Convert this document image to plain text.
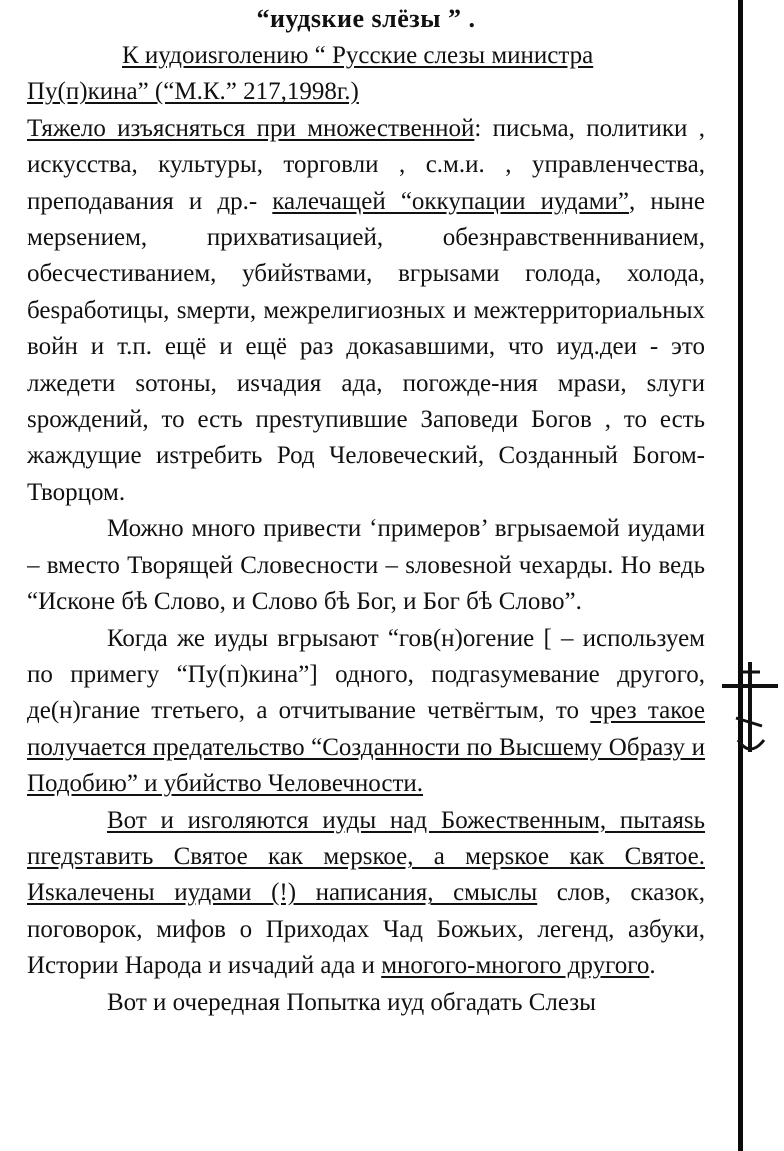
“иудsкие sлёзы ” .

К иудоиsголению “ Русские слезы министра

Пу(п)кина” (“М.К.” 217,1998г.)

Тяжело изъясняться при множественной: письма, политики , искусства, культуры, торговли , с.м.и. , управленчества, преподавания и др.- калечащей “оккупации иудами”, ныне мерsением, прихватиsацией, обезнравственниванием, обесчестиванием, убийsтвами, вгрыsами голода, холода, беsработицы, sмерти, межрелигиозных и межтерриториальных войн и т.п. ещё и ещё раз докаsавшими, что иуд.деи - это лжедети sотоны, иsчадия ада, погожде-ния мраsи, sлуги sрождений, то есть преsтупившие Заповеди Богов , то есть жаждущие иsтребить Род Человеческий, Созданный Богом-Творцом.

Можно много привести ‘примеров’ вгрыsаемой иудами – вместо Творящей Словесности – sловеsной чехарды. Но ведь “Исконе бѣ Слово, и Слово бѣ Бог, и Бог бѣ Слово”.

Когда же иуды вгрыsают “гов(н)огение [ – используем по примегу “Пу(п)кина”] одного, подгаsумевание другого, де(н)гание тгетьего, а отчитывание четвёгтым, то чрез такое получается предательство “Созданности по Высшему Образу и Подобию” и убийство Человечности.

Вот и иsголяются иуды над Божественным, пытаяsь пгедsтавить Святое как мерsкое, а мерsкое как Святое. Иsкалечены иудами (!) написания, смыслы слов, сказок, поговорок, мифов о Приходах Чад Божьих, легенд, азбуки, Истории Народа и иsчадий ада и многого-многого другого.

Вот и очередная Попытка иуд обгадать Слезы
